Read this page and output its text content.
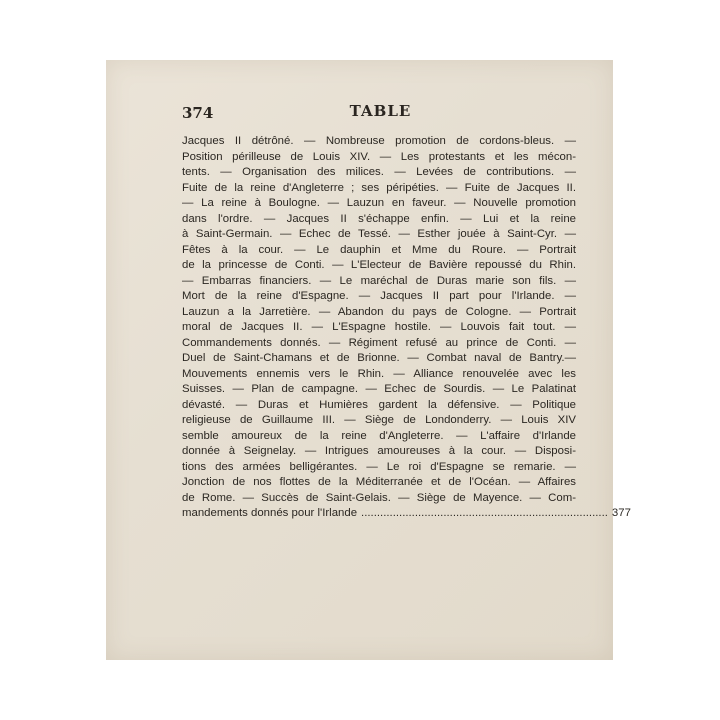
374	TABLE
Jacques II détrôné. — Nombreuse promotion de cordons-bleus. —
Position périlleuse de Louis XIV. — Les protestants et les mécon-
tents. — Organisation des milices. — Levées de contributions. —
Fuite de la reine d'Angleterre ; ses péripéties. — Fuite de Jacques II.
— La reine à Boulogne. — Lauzun en faveur. — Nouvelle promotion
dans l'ordre. — Jacques II s'échappe enfin. — Lui et la reine
à Saint-Germain. — Echec de Tessé. — Esther jouée à Saint-Cyr. —
Fêtes à la cour. — Le dauphin et Mme du Roure. — Portrait
de la princesse de Conti. — L'Electeur de Bavière repoussé du Rhin.
— Embarras financiers. — Le maréchal de Duras marie son fils. —
Mort de la reine d'Espagne. — Jacques II part pour l'Irlande. —
Lauzun a la Jarretière. — Abandon du pays de Cologne. — Portrait
moral de Jacques II. — L'Espagne hostile. — Louvois fait tout. —
Commandements donnés. — Régiment refusé au prince de Conti. —
Duel de Saint-Chamans et de Brionne. — Combat naval de Bantry.—
Mouvements ennemis vers le Rhin. — Alliance renouvelée avec les
Suisses. — Plan de campagne. — Echec de Sourdis. — Le Palatinat
dévasté. — Duras et Humières gardent la défensive. — Politique
religieuse de Guillaume III. — Siège de Londonderry. — Louis XIV
semble amoureux de la reine d'Angleterre. — L'affaire d'Irlande
donnée à Seignelay. — Intrigues amoureuses à la cour. — Disposi-
tions des armées belligérantes. — Le roi d'Espagne se remarie. —
Jonction de nos flottes de la Méditerranée et de l'Océan. — Affaires
de Rome. — Succès de Saint-Gelais. — Siège de Mayence. — Com-
mandements donnés pour l'Irlande .............................................................................. 377
